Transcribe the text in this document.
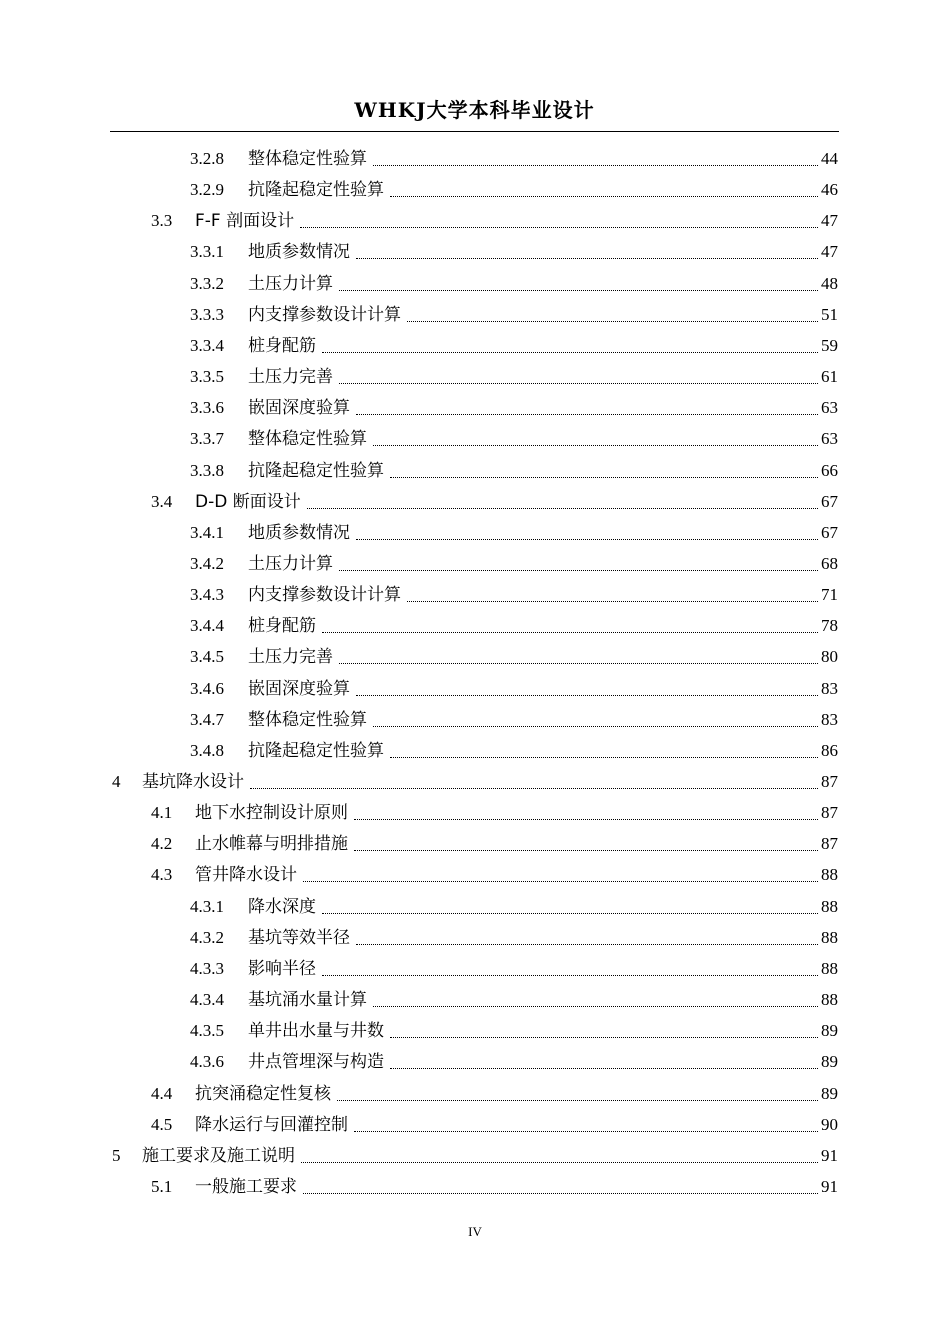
WHKJ大学本科毕业设计
3.2.8	整体稳定性验算	44
3.2.9	抗隆起稳定性验算	46
3.3	F-F 剖面设计	47
3.3.1	地质参数情况	47
3.3.2	土压力计算	48
3.3.3	内支撑参数设计计算	51
3.3.4	桩身配筋	59
3.3.5	土压力完善	61
3.3.6	嵌固深度验算	63
3.3.7	整体稳定性验算	63
3.3.8	抗隆起稳定性验算	66
3.4	D-D 断面设计	67
3.4.1	地质参数情况	67
3.4.2	土压力计算	68
3.4.3	内支撑参数设计计算	71
3.4.4	桩身配筋	78
3.4.5	土压力完善	80
3.4.6	嵌固深度验算	83
3.4.7	整体稳定性验算	83
3.4.8	抗隆起稳定性验算	86
4	基坑降水设计	87
4.1	地下水控制设计原则	87
4.2	止水帷幕与明排措施	87
4.3	管井降水设计	88
4.3.1	降水深度	88
4.3.2	基坑等效半径	88
4.3.3	影响半径	88
4.3.4	基坑涌水量计算	88
4.3.5	单井出水量与井数	89
4.3.6	井点管埋深与构造	89
4.4	抗突涌稳定性复核	89
4.5	降水运行与回灌控制	90
5	施工要求及施工说明	91
5.1	一般施工要求	91
IV
